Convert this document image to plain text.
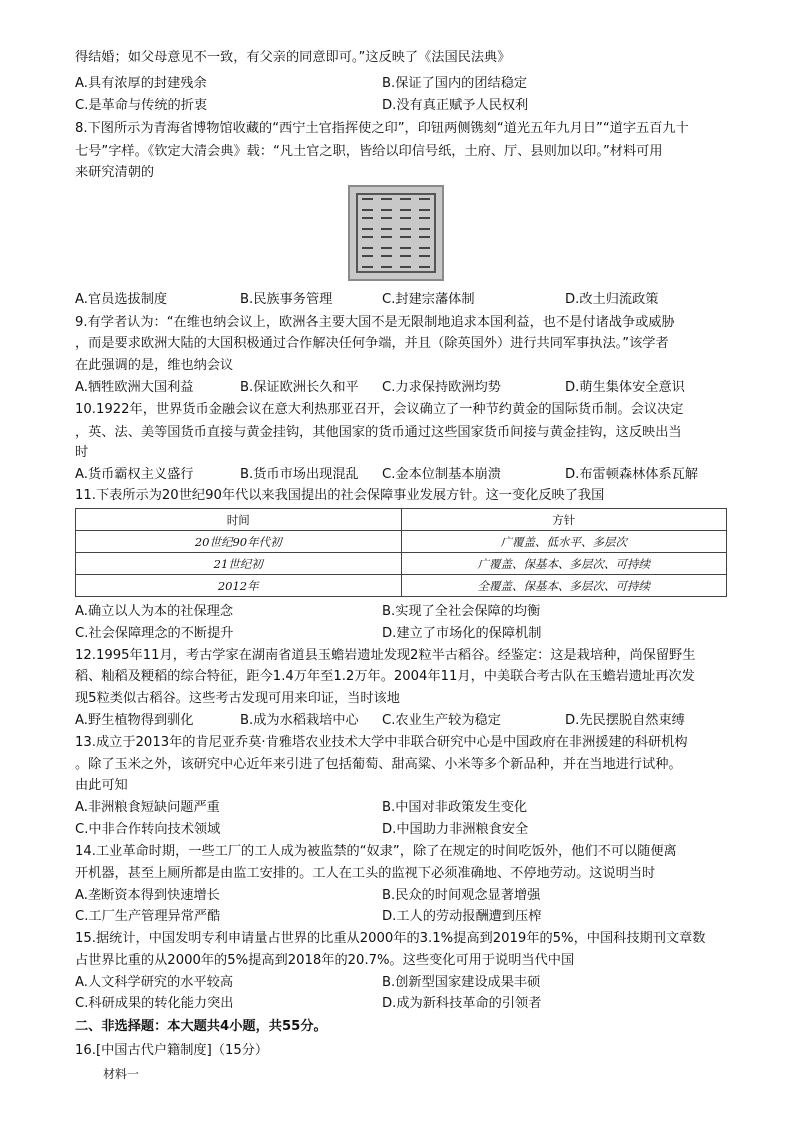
得结婚；如父母意见不一致，有父亲的同意即可。”这反映了《法国民法典》
A.具有浓厚的封建残余	B.保证了国内的团结稳定
C.是革命与传统的折衷	D.没有真正赋予人民权利
8.下图所示为青海省博物馆收藏的“西宁土官指挥使之印”，印钮两侧镌刻“道光五年九月日”“道字五百九十
七号”字样。《钦定大清会典》载：“凡土官之职，皆给以印信号纸，土府、厅、县则加以印。”材料可用
来研究清朝的
A.官员选拔制度	B.民族事务管理	C.封建宗藩体制	D.改土归流政策
9.有学者认为：“在维也纳会议上，欧洲各主要大国不是无限制地追求本国利益，也不是付诸战争或威胁
，而是要求欧洲大陆的大国积极通过合作解决任何争端，并且（除英国外）进行共同军事执法。”该学者
在此强调的是，维也纳会议
A.牺牲欧洲大国利益	B.保证欧洲长久和平 C.力求保持欧洲均势	D.萌生集体安全意识
10.1922年，世界货币金融会议在意大利热那亚召开，会议确立了一种节约黄金的国际货币制。会议决定
，英、法、美等国货币直接与黄金挂钩，其他国家的货币通过这些国家货币间接与黄金挂钩，这反映出当
时
A.货币霸权主义盛行	B.货币市场出现混乱 C.金本位制基本崩溃	D.布雷顿森林体系瓦解
11.下表所示为20世纪90年代以来我国提出的社会保障事业发展方针。这一变化反映了我国
时间	方针
20世纪90年代初	广覆盖、低水平、多层次
21世纪初	广覆盖、保基本、多层次、可持续
2012年	全覆盖、保基本、多层次、可持续
A.确立以人为本的社保理念	B.实现了全社会保障的均衡
C.社会保障理念的不断提升	D.建立了市场化的保障机制
12.1995年11月，考古学家在湖南省道县玉蟾岩遗址发现2粒半古稻谷。经鉴定：这是栽培种，尚保留野生
稻、籼稻及粳稻的综合特征，距今1.4万年至1.2万年。2004年11月，中美联合考古队在玉蟾岩遗址再次发
现5粒类似古稻谷。这些考古发现可用来印证，当时该地
A.野生植物得到驯化	B.成为水稻栽培中心 C.农业生产较为稳定	D.先民摆脱自然束缚
13.成立于2013年的肯尼亚乔莫·肯雅塔农业技术大学中非联合研究中心是中国政府在非洲援建的科研机构
。除了玉米之外，该研究中心近年来引进了包括葡萄、甜高粱、小米等多个新品种，并在当地进行试种。
由此可知
A.非洲粮食短缺问题严重	B.中国对非政策发生变化
C.中非合作转向技术领域	D.中国助力非洲粮食安全
14.工业革命时期，一些工厂的工人成为被监禁的“奴隶”，除了在规定的时间吃饭外，他们不可以随便离
开机器，甚至上厕所都是由监工安排的。工人在工头的监视下必须准确地、不停地劳动。这说明当时
A.垄断资本得到快速增长	B.民众的时间观念显著增强
C.工厂生产管理异常严酷	D.工人的劳动报酬遭到压榨
15.据统计，中国发明专利申请量占世界的比重从2000年的3.1%提高到2019年的5%，中国科技期刊文章数
占世界比重的从2000年的5%提高到2018年的20.7%。这些变化可用于说明当代中国
A.人文科学研究的水平较高	B.创新型国家建设成果丰硕
C.科研成果的转化能力突出	D.成为新科技革命的引领者
二、非选择题：本大题共4小题，共55分。
16.[中国古代户籍制度]（15分）
材料一
